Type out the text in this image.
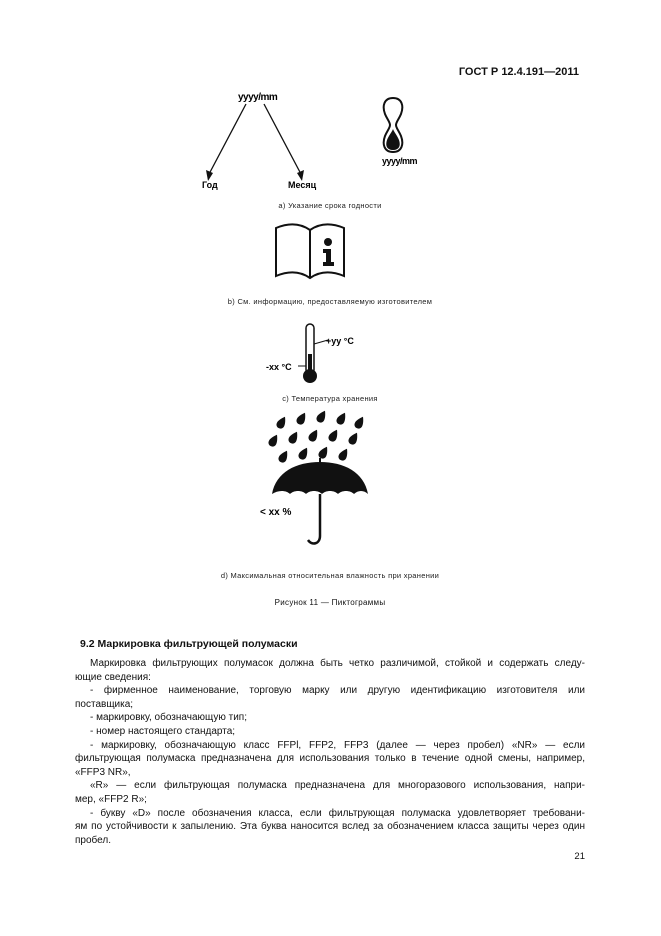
ГОСТ Р 12.4.191—2011
yyyy/mm
Год	Месяц
yyyy/mm
a) Указание срока годности
b) См. информацию, предоставляемую изготовителем
+yy °C
-xx °C
c) Температура хранения
< xx %
d) Максимальная относительная влажность при хранении
Рисунок 11 — Пиктограммы
9.2 Маркировка фильтрующей полумаски

Маркировка фильтрующих полумасок должна быть четко различимой, стойкой и содержать следу-

ющие сведения:

- фирменное наименование, торговую марку или другую идентификацию изготовителя или

поставщика;

- маркировку, обозначающую тип;

- номер настоящего стандарта;

- маркировку, обозначающую класс FFPl, FFP2, FFP3 (далее — через пробел) «NR» — если

фильтрующая полумаска предназначена для использования только в течение одной смены, например,

«FFP3 NR»,

«R» — если фильтрующая полумаска предназначена для многоразового использования, напри-

мер, «FFP2 R»;

- букву «D» после обозначения класса, если фильтрующая полумаска удовлетворяет требовани-

ям по устойчивости к запылению. Эта буква наносится вслед за обозначением класса защиты через один

пробел.

21
